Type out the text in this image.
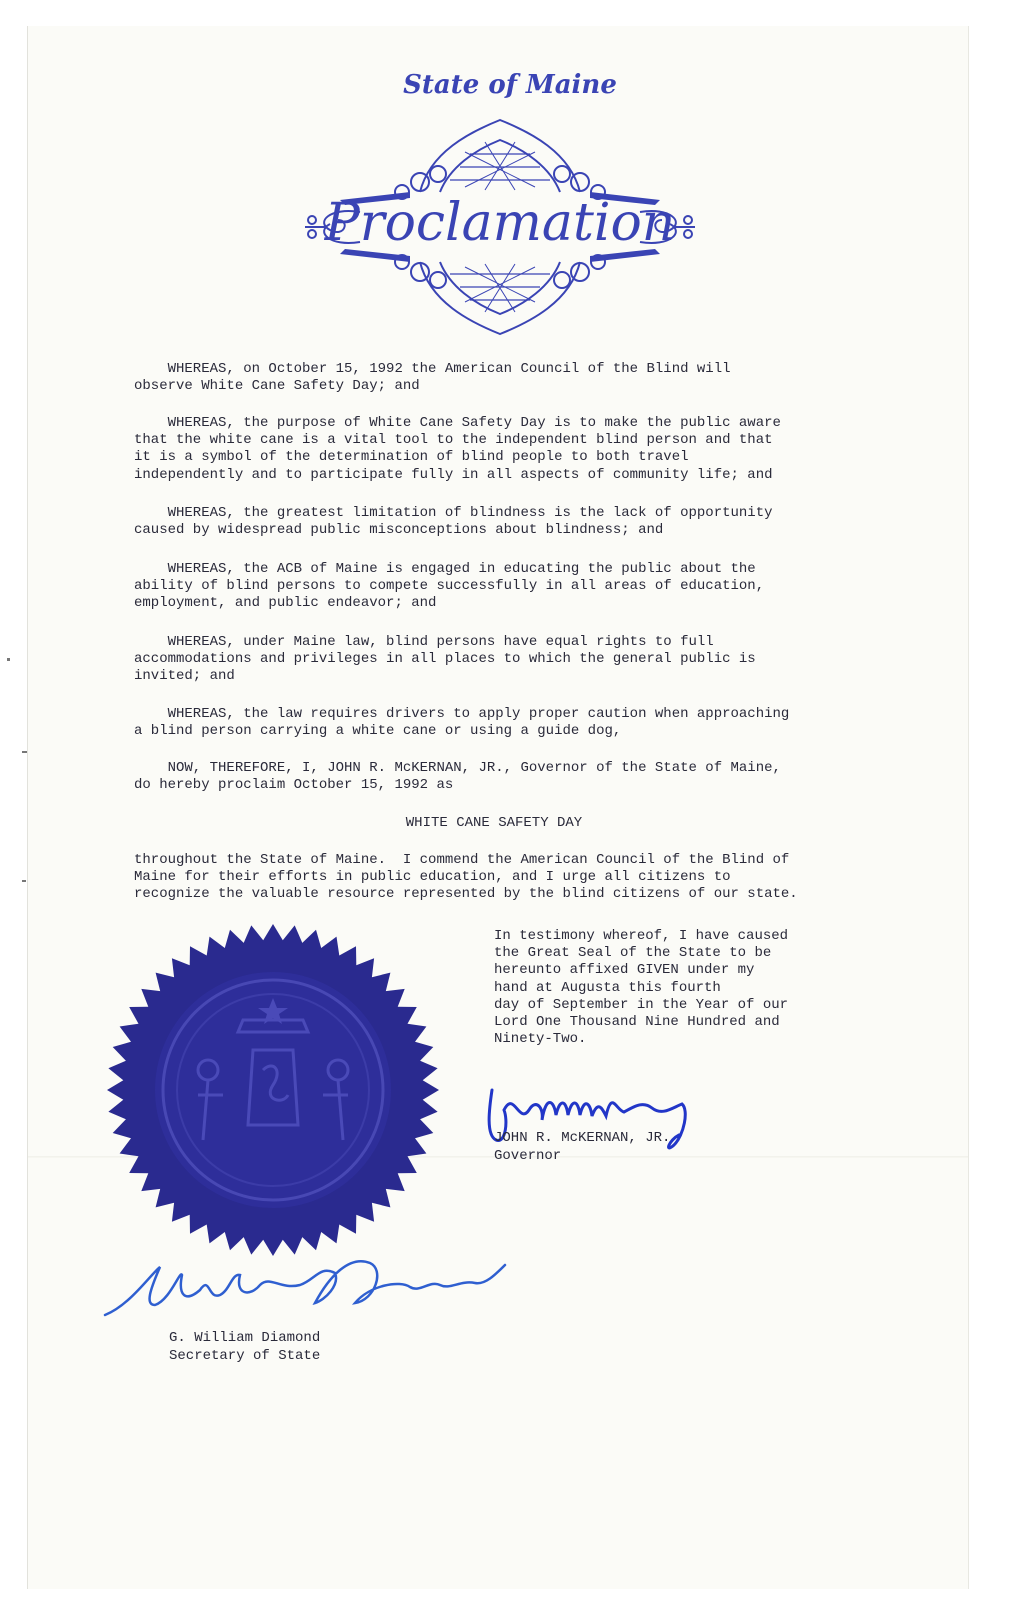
State of Maine
Proclamation

WHEREAS, on October 15, 1992 the American Council of the Blind will
observe White Cane Safety Day; and

WHEREAS, the purpose of White Cane Safety Day is to make the public aware
that the white cane is a vital tool to the independent blind person and that
it is a symbol of the determination of blind people to both travel
independently and to participate fully in all aspects of community life; and

WHEREAS, the greatest limitation of blindness is the lack of opportunity
caused by widespread public misconceptions about blindness; and

WHEREAS, the ACB of Maine is engaged in educating the public about the
ability of blind persons to compete successfully in all areas of education,
employment, and public endeavor; and

WHEREAS, under Maine law, blind persons have equal rights to full
accommodations and privileges in all places to which the general public is
invited; and

WHEREAS, the law requires drivers to apply proper caution when approaching
a blind person carrying a white cane or using a guide dog,

NOW, THEREFORE, I, JOHN R. McKERNAN, JR., Governor of the State of Maine,
do hereby proclaim October 15, 1992 as

WHITE CANE SAFETY DAY

throughout the State of Maine.  I commend the American Council of the Blind of
Maine for their efforts in public education, and I urge all citizens to
recognize the valuable resource represented by the blind citizens of our state.

In testimony whereof, I have caused
the Great Seal of the State to be
hereunto affixed GIVEN under my
hand at Augusta this fourth
day of September in the Year of our
Lord One Thousand Nine Hundred and
Ninety-Two.

JOHN R. McKERNAN, JR.

Governor

G. William Diamond

Secretary of State
